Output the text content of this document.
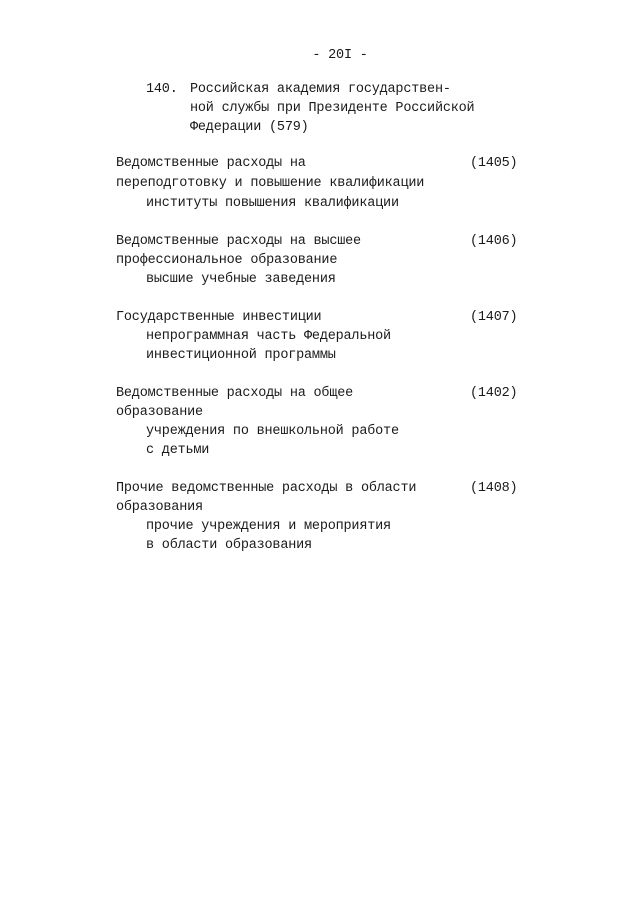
- 20I -
140. Российская академия государствен-
ной службы при Президенте Российской
Федерации (579)
Ведомственные расходы на	(1405)
переподготовку и повышение квалификации
институты повышения квалификации
Ведомственные расходы на высшее	(1406)
профессиональное образование
высшие учебные заведения
Государственные инвестиции	(1407)
непрограммная часть Федеральной
инвестиционной программы
Ведомственные расходы на общее	(1402)
образование
учреждения по внешкольной работе
с детьми
Прочие ведомственные расходы в области	(1408)
образования
прочие учреждения и мероприятия
в области образования
